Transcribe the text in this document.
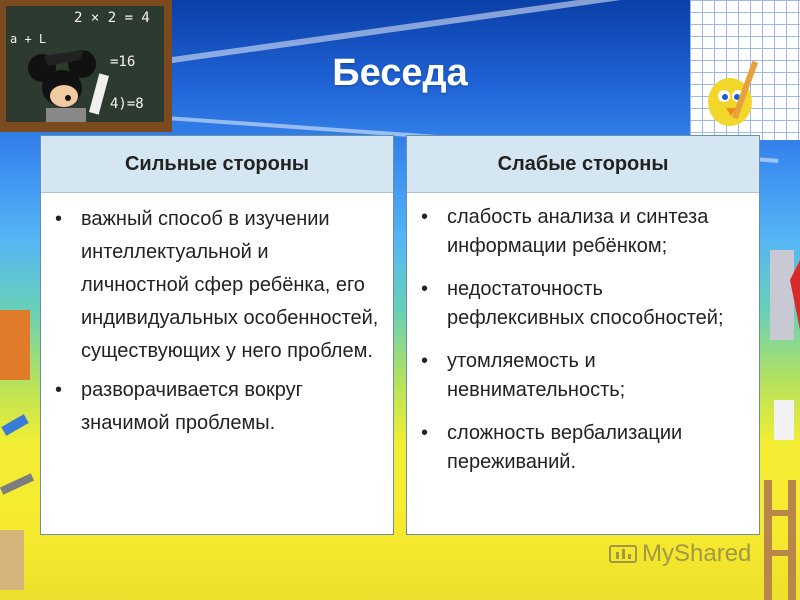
a + L
2 × 2 = 4
=16
4)=8
Беседа
Сильные стороны
• важный способ в изучении интеллектуальной и личностной сфер ребёнка, его индивидуальных особенностей, существующих у него проблем.
• разворачивается вокруг значимой проблемы.
Слабые стороны
• слабость анализа и синтеза информации ребёнком;
• недостаточность рефлексивных способностей;
• утомляемость и невнимательность;
• сложность вербализации переживаний.
MyShared
